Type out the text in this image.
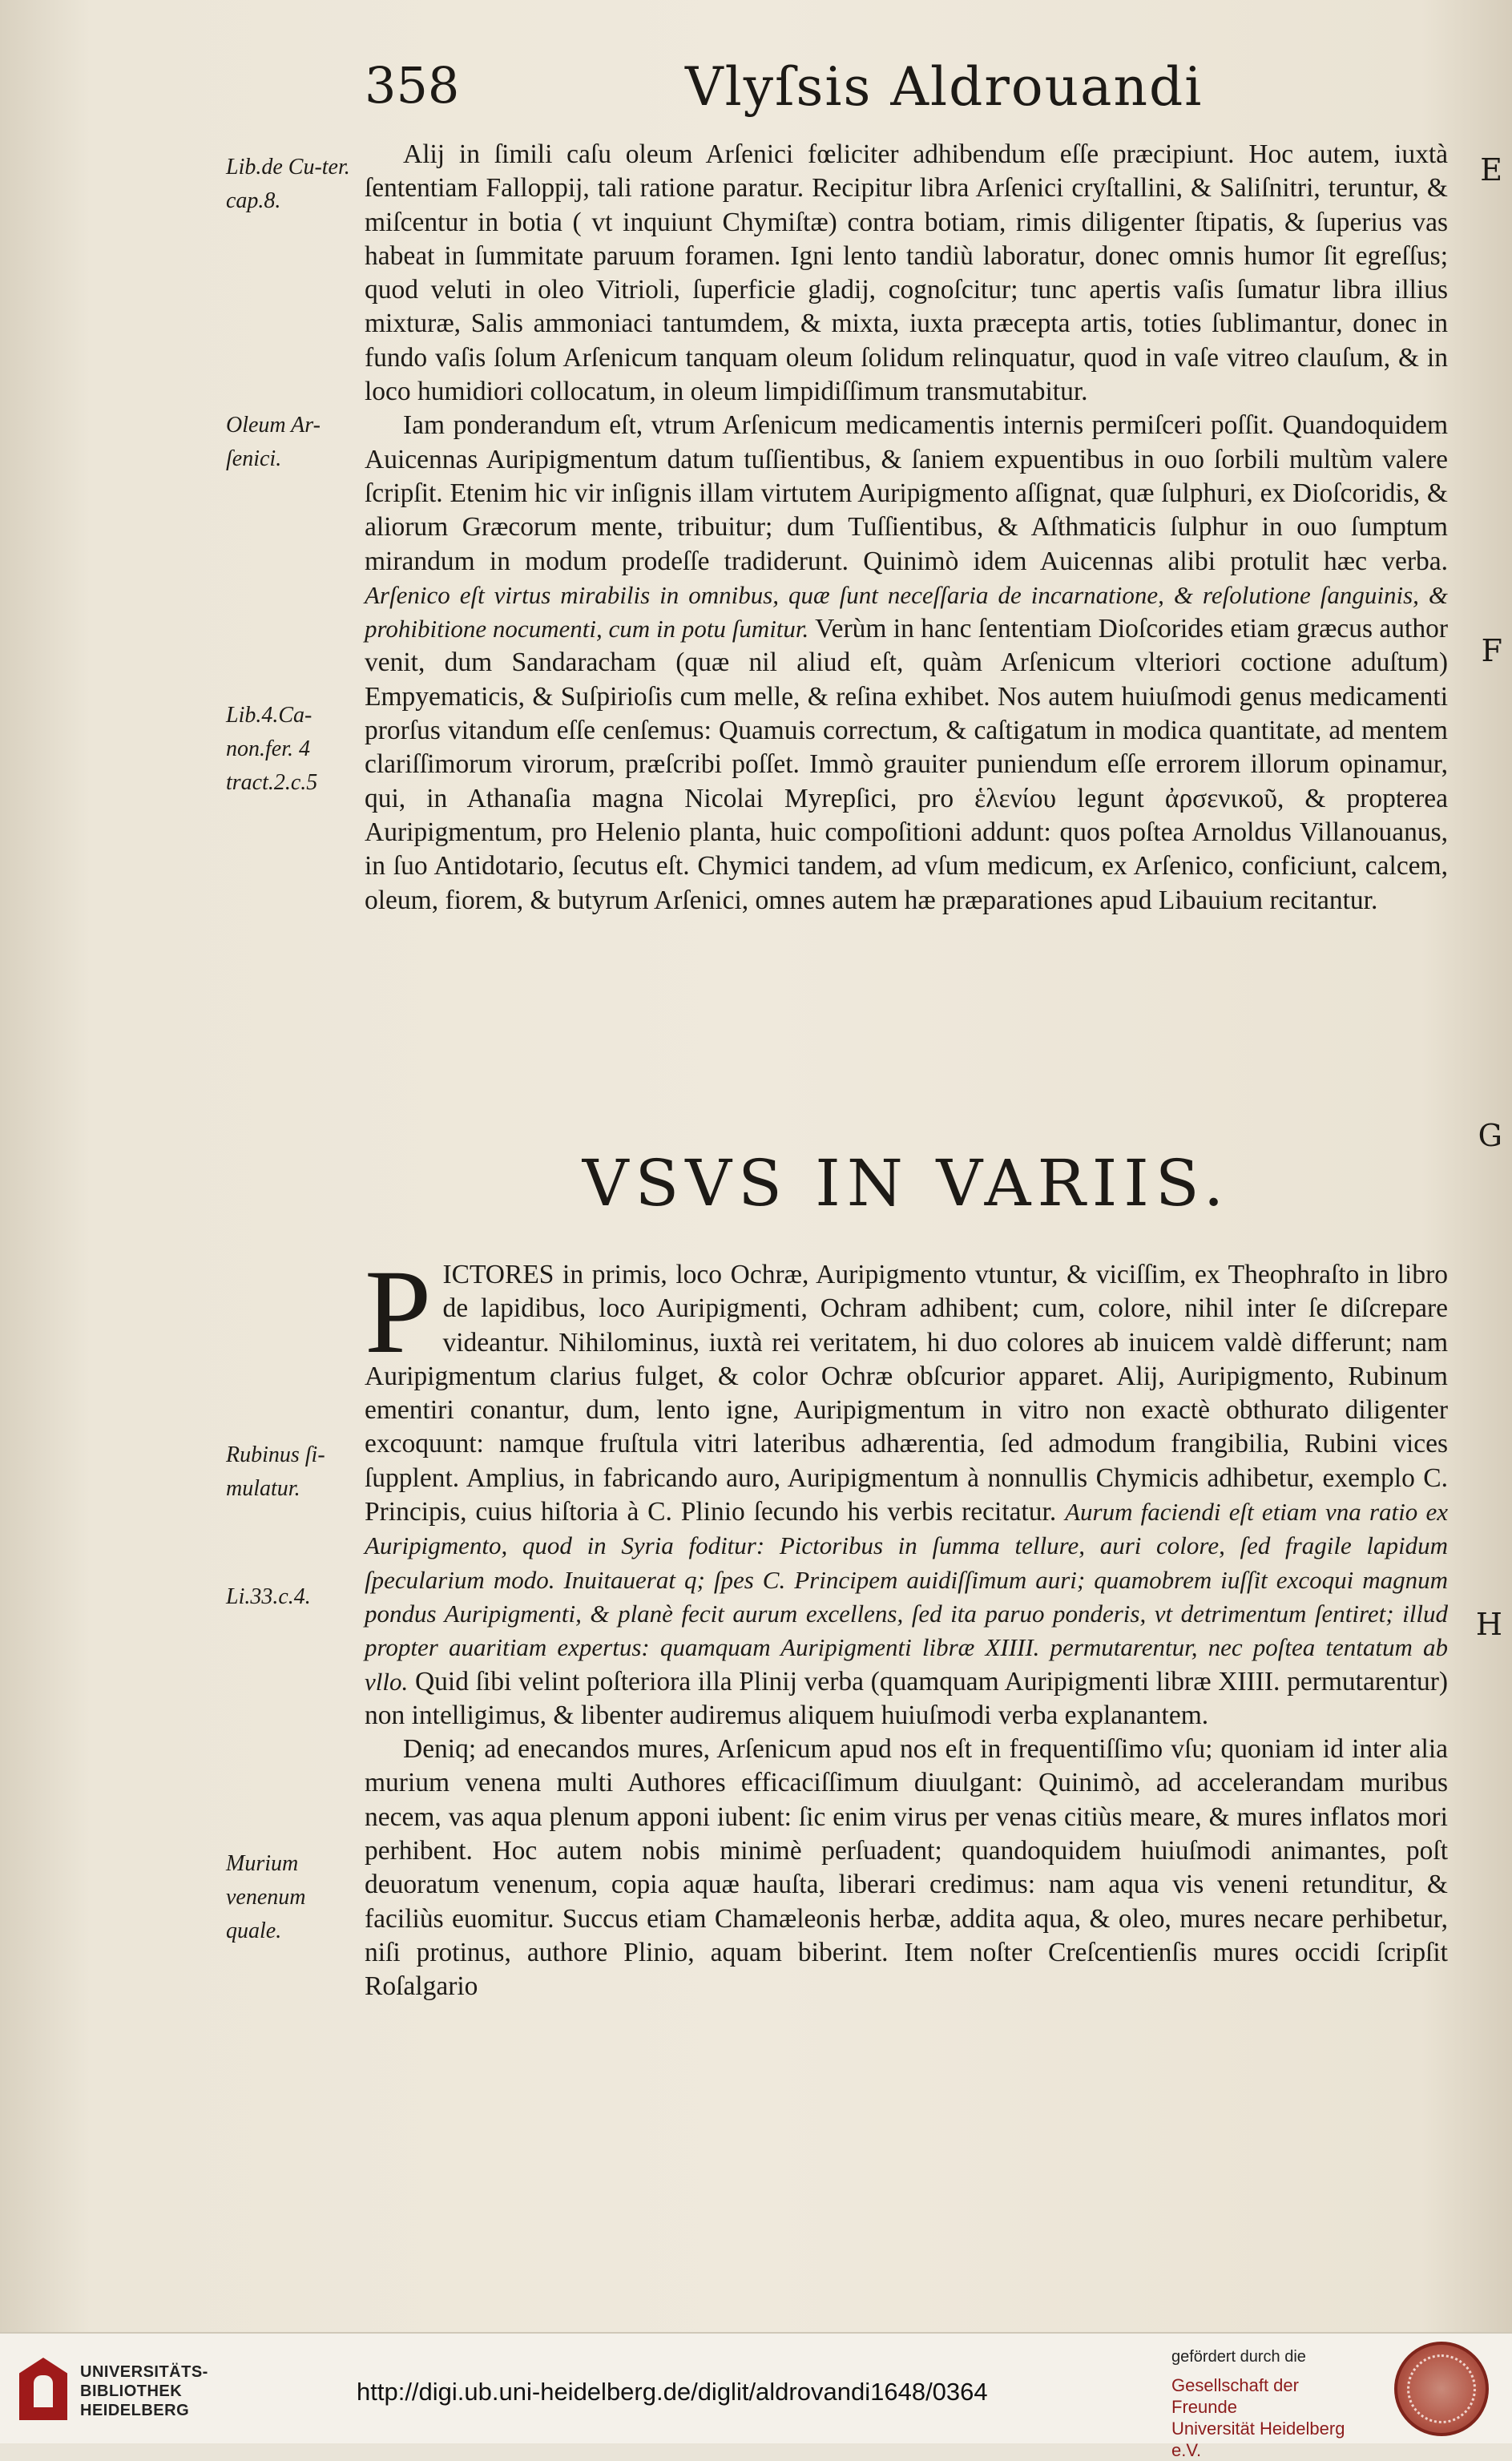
358	Vlyſsis Aldrouandi
E
F
G
H
Lib.de Cu-ter. cap.8.
Oleum Ar-ſenici.
Lib.4.Ca-non.fer. 4 tract.2.c.5
Rubinus ſi-mulatur.
Li.33.c.4.
Murium venenum quale.

Alij in ſimili caſu oleum Arſenici fœliciter adhibendum eſſe præcipiunt. Hoc autem, iuxtà ſententiam Falloppij, tali ratione paratur. Recipitur libra Arſenici cryſtallini, & Saliſnitri, teruntur, & miſcentur in botia ( vt inquiunt Chymiſtæ) contra botiam, rimis diligenter ſtipatis, & ſuperius vas habeat in ſummitate paruum foramen. Igni lento tandiù laboratur, donec omnis humor ſit egreſſus; quod veluti in oleo Vitrioli, ſuperficie gladij, cognoſcitur; tunc apertis vaſis ſumatur libra illius mixturæ, Salis ammoniaci tantumdem, & mixta, iuxta præcepta artis, toties ſublimantur, donec in fundo vaſis ſolum Arſenicum tanquam oleum ſolidum relinquatur, quod in vaſe vitreo clauſum, & in loco humidiori collocatum, in oleum limpidiſſimum transmutabitur.

Iam ponderandum eſt, vtrum Arſenicum medicamentis internis permiſceri poſſit. Quandoquidem Auicennas Auripigmentum datum tuſſientibus, & ſaniem expuentibus in ouo ſorbili multùm valere ſcripſit. Etenim hic vir inſignis illam virtutem Auripigmento aſſignat, quæ ſulphuri, ex Dioſcoridis, & aliorum Græcorum mente, tribuitur; dum Tuſſientibus, & Aſthmaticis ſulphur in ouo ſumptum mirandum in modum prodeſſe tradiderunt. Quinimò idem Auicennas alibi protulit hæc verba. Arſenico eſt virtus mirabilis in omnibus, quæ ſunt neceſſaria de incarnatione, & reſolutione ſanguinis, & prohibitione nocumenti, cum in potu ſumitur. Verùm in hanc ſententiam Dioſcorides etiam græcus author venit, dum Sandaracham (quæ nil aliud eſt, quàm Arſenicum vlteriori coctione aduſtum) Empyematicis, & Suſpirioſis cum melle, & reſina exhibet. Nos autem huiuſmodi genus medicamenti prorſus vitandum eſſe cenſemus: Quamuis correctum, & caſtigatum in modica quantitate, ad mentem clariſſimorum virorum, præſcribi poſſet. Immò grauiter puniendum eſſe errorem illorum opinamur, qui, in Athanaſia magna Nicolai Myrepſici, pro ἑλενίου legunt ἀρσενικοῦ, & propterea Auripigmentum, pro Helenio planta, huic compoſitioni addunt: quos poſtea Arnoldus Villanouanus, in ſuo Antidotario, ſecutus eſt. Chymici tandem, ad vſum medicum, ex Arſenico, conficiunt, calcem, oleum, fiorem, & butyrum Arſenici, omnes autem hæ præparationes apud Libauium recitantur.

VSVS IN VARIIS.

PICTORES in primis, loco Ochræ, Auripigmento vtuntur, & viciſſim, ex Theophraſto in libro de lapidibus, loco Auripigmenti, Ochram adhibent; cum, colore, nihil inter ſe diſcrepare videantur. Nihilominus, iuxtà rei veritatem, hi duo colores ab inuicem valdè differunt; nam Auripigmentum clarius fulget, & color Ochræ obſcurior apparet. Alij, Auripigmento, Rubinum ementiri conantur, dum, lento igne, Auripigmentum in vitro non exactè obthurato diligenter excoquunt: namque fruſtula vitri lateribus adhærentia, ſed admodum frangibilia, Rubini vices ſupplent. Amplius, in fabricando auro, Auripigmentum à nonnullis Chymicis adhibetur, exemplo C. Principis, cuius hiſtoria à C. Plinio ſecundo his verbis recitatur. Aurum faciendi eſt etiam vna ratio ex Auripigmento, quod in Syria foditur: Pictoribus in ſumma tellure, auri colore, ſed fragile lapidum ſpecularium modo. Inuitauerat q; ſpes C. Principem auidiſſimum auri; quamobrem iuſſit excoqui magnum pondus Auripigmenti, & planè fecit aurum excellens, ſed ita paruo ponderis, vt detrimentum ſentiret; illud propter auaritiam expertus: quamquam Auripigmenti libræ XIIII. permutarentur, nec poſtea tentatum ab vllo. Quid ſibi velint poſteriora illa Plinij verba (quamquam Auripigmenti libræ XIIII. permutarentur) non intelligimus, & libenter audiremus aliquem huiuſmodi verba explanantem.

Deniq; ad enecandos mures, Arſenicum apud nos eſt in frequentiſſimo vſu; quoniam id inter alia murium venena multi Authores efficaciſſimum diuulgant: Quinimò, ad accelerandam muribus necem, vas aqua plenum apponi iubent: ſic enim virus per venas citiùs meare, & mures inflatos mori perhibent. Hoc autem nobis minimè perſuadent; quandoquidem huiuſmodi animantes, poſt deuoratum venenum, copia aquæ hauſta, liberari credimus: nam aqua vis veneni retunditur, & faciliùs euomitur. Succus etiam Chamæleonis herbæ, addita aqua, & oleo, mures necare perhibetur, niſi protinus, authore Plinio, aquam biberint. Item noſter Creſcentienſis mures occidi ſcripſit Roſalgario

UNIVERSITÄTS-
BIBLIOTHEK
HEIDELBERG
http://digi.ub.uni-heidelberg.de/diglit/aldrovandi1648/0364
gefördert durch die
Gesellschaft der Freunde
Universität Heidelberg e.V.
